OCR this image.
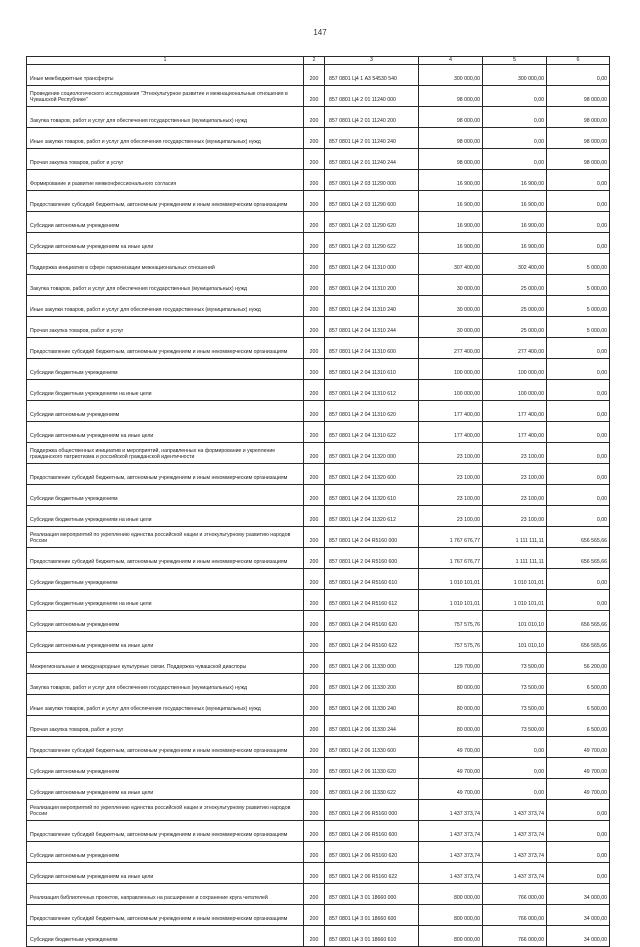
147
1	2	3	4	5	6

Иные межбюджетные трансферты	200	857 0801 Ц4 1 А3 54530 540	300 000,00	300 000,00	0,00

Проведение социологического исследования "Этнокультурное развитие и межнациональные отношения в Чувашской Республике"	200	857 0801 Ц4 2 01 11240 000	98 000,00	0,00	98 000,00

Закупка товаров, работ и услуг для обеспечения государственных (муниципальных) нужд	200	857 0801 Ц4 2 01 11240 200	98 000,00	0,00	98 000,00

Иные закупки товаров, работ и услуг для обеспечения государственных (муниципальных) нужд	200	857 0801 Ц4 2 01 11240 240	98 000,00	0,00	98 000,00

Прочая закупка товаров, работ и услуг	200	857 0801 Ц4 2 01 11240 244	98 000,00	0,00	98 000,00

Формирование и развитие межконфессионального согласия	200	857 0801 Ц4 2 03 11290 000	16 900,00	16 900,00	0,00

Предоставление субсидий бюджетным, автономным учреждениям и иным некоммерческим организациям	200	857 0801 Ц4 2 03 11290 600	16 900,00	16 900,00	0,00

Субсидии автономным учреждениям	200	857 0801 Ц4 2 03 11290 620	16 900,00	16 900,00	0,00

Субсидии автономным учреждениям на иные цели	200	857 0801 Ц4 2 03 11290 622	16 900,00	16 900,00	0,00

Поддержка инициатив в сфере гармонизации межнациональных отношений	200	857 0801 Ц4 2 04 11310 000	307 400,00	302 400,00	5 000,00

Закупка товаров, работ и услуг для обеспечения государственных (муниципальных) нужд	200	857 0801 Ц4 2 04 11310 200	30 000,00	25 000,00	5 000,00

Иные закупки товаров, работ и услуг для обеспечения государственных (муниципальных) нужд	200	857 0801 Ц4 2 04 11310 240	30 000,00	25 000,00	5 000,00

Прочая закупка товаров, работ и услуг	200	857 0801 Ц4 2 04 11310 244	30 000,00	25 000,00	5 000,00

Предоставление субсидий бюджетным, автономным учреждениям и иным некоммерческим организациям	200	857 0801 Ц4 2 04 11310 600	277 400,00	277 400,00	0,00

Субсидии бюджетным учреждениям	200	857 0801 Ц4 2 04 11310 610	100 000,00	100 000,00	0,00

Субсидии бюджетным учреждениям на иные цели	200	857 0801 Ц4 2 04 11310 612	100 000,00	100 000,00	0,00

Субсидии автономным учреждениям	200	857 0801 Ц4 2 04 11310 620	177 400,00	177 400,00	0,00

Субсидии автономным учреждениям на иные цели	200	857 0801 Ц4 2 04 11310 622	177 400,00	177 400,00	0,00

Поддержка общественных инициатив и мероприятий, направленных на формирование и укрепление гражданского патриотизма и российской гражданской идентичности	200	857 0801 Ц4 2 04 11320 000	23 100,00	23 100,00	0,00

Предоставление субсидий бюджетным, автономным учреждениям и иным некоммерческим организациям	200	857 0801 Ц4 2 04 11320 600	23 100,00	23 100,00	0,00

Субсидии бюджетным учреждениям	200	857 0801 Ц4 2 04 11320 610	23 100,00	23 100,00	0,00

Субсидии бюджетным учреждениям на иные цели	200	857 0801 Ц4 2 04 11320 612	23 100,00	23 100,00	0,00

Реализация мероприятий по укреплению единства российской нации и этнокультурному развитию народов России	200	857 0801 Ц4 2 04 R5160 000	1 767 676,77	1 111 111,11	656 565,66

Предоставление субсидий бюджетным, автономным учреждениям и иным некоммерческим организациям	200	857 0801 Ц4 2 04 R5160 600	1 767 676,77	1 111 111,11	656 565,66

Субсидии бюджетным учреждениям	200	857 0801 Ц4 2 04 R5160 610	1 010 101,01	1 010 101,01	0,00

Субсидии бюджетным учреждениям на иные цели	200	857 0801 Ц4 2 04 R5160 612	1 010 101,01	1 010 101,01	0,00

Субсидии автономным учреждениям	200	857 0801 Ц4 2 04 R5160 620	757 575,76	101 010,10	656 565,66

Субсидии автономным учреждениям на иные цели	200	857 0801 Ц4 2 04 R5160 622	757 575,76	101 010,10	656 565,66

Межрегиональные и международные культурные связи. Поддержка чувашской диаспоры	200	857 0801 Ц4 2 06 11330 000	129 700,00	73 500,00	56 200,00

Закупка товаров, работ и услуг для обеспечения государственных (муниципальных) нужд	200	857 0801 Ц4 2 06 11330 200	80 000,00	73 500,00	6 500,00

Иные закупки товаров, работ и услуг для обеспечения государственных (муниципальных) нужд	200	857 0801 Ц4 2 06 11330 240	80 000,00	73 500,00	6 500,00

Прочая закупка товаров, работ и услуг	200	857 0801 Ц4 2 06 11330 244	80 000,00	73 500,00	6 500,00

Предоставление субсидий бюджетным, автономным учреждениям и иным некоммерческим организациям	200	857 0801 Ц4 2 06 11330 600	49 700,00	0,00	49 700,00

Субсидии автономным учреждениям	200	857 0801 Ц4 2 06 11330 620	49 700,00	0,00	49 700,00

Субсидии автономным учреждениям на иные цели	200	857 0801 Ц4 2 06 11330 622	49 700,00	0,00	49 700,00

Реализация мероприятий по укреплению единства российской нации и этнокультурному развитию народов России	200	857 0801 Ц4 2 06 R5160 000	1 437 373,74	1 437 373,74	0,00

Предоставление субсидий бюджетным, автономным учреждениям и иным некоммерческим организациям	200	857 0801 Ц4 2 06 R5160 600	1 437 373,74	1 437 373,74	0,00

Субсидии автономным учреждениям	200	857 0801 Ц4 2 06 R5160 620	1 437 373,74	1 437 373,74	0,00

Субсидии автономным учреждениям на иные цели	200	857 0801 Ц4 2 06 R5160 622	1 437 373,74	1 437 373,74	0,00

Реализация библиотечных проектов, направленных на расширение и сохранение круга читателей	200	857 0801 Ц4 3 01 18660 000	800 000,00	766 000,00	34 000,00

Предоставление субсидий бюджетным, автономным учреждениям и иным некоммерческим организациям	200	857 0801 Ц4 3 01 18660 600	800 000,00	766 000,00	34 000,00

Субсидии бюджетным учреждениям	200	857 0801 Ц4 3 01 18660 610	800 000,00	766 000,00	34 000,00
